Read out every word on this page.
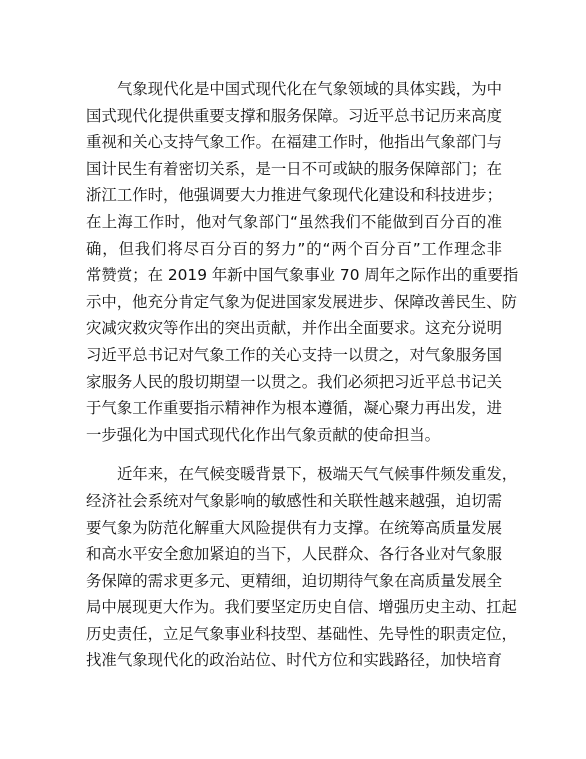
气象现代化是中国式现代化在气象领域的具体实践，为中
国式现代化提供重要支撑和服务保障。习近平总书记历来高度
重视和关心支持气象工作。在福建工作时，他指出气象部门与
国计民生有着密切关系，是一日不可或缺的服务保障部门；在
浙江工作时，他强调要大力推进气象现代化建设和科技进步；
在上海工作时，他对气象部门“虽然我们不能做到百分百的准
确，但我们将尽百分百的努力”的“两个百分百”工作理念非
常赞赏；在 2019 年新中国气象事业 70 周年之际作出的重要指
示中，他充分肯定气象为促进国家发展进步、保障改善民生、防
灾减灾救灾等作出的突出贡献，并作出全面要求。这充分说明
习近平总书记对气象工作的关心支持一以贯之，对气象服务国
家服务人民的殷切期望一以贯之。我们必须把习近平总书记关
于气象工作重要指示精神作为根本遵循，凝心聚力再出发，进
一步强化为中国式现代化作出气象贡献的使命担当。
近年来，在气候变暖背景下，极端天气气候事件频发重发，
经济社会系统对气象影响的敏感性和关联性越来越强，迫切需
要气象为防范化解重大风险提供有力支撑。在统筹高质量发展
和高水平安全愈加紧迫的当下，人民群众、各行各业对气象服
务保障的需求更多元、更精细，迫切期待气象在高质量发展全
局中展现更大作为。我们要坚定历史自信、增强历史主动、扛起
历史责任，立足气象事业科技型、基础性、先导性的职责定位，
找准气象现代化的政治站位、时代方位和实践路径，加快培育
